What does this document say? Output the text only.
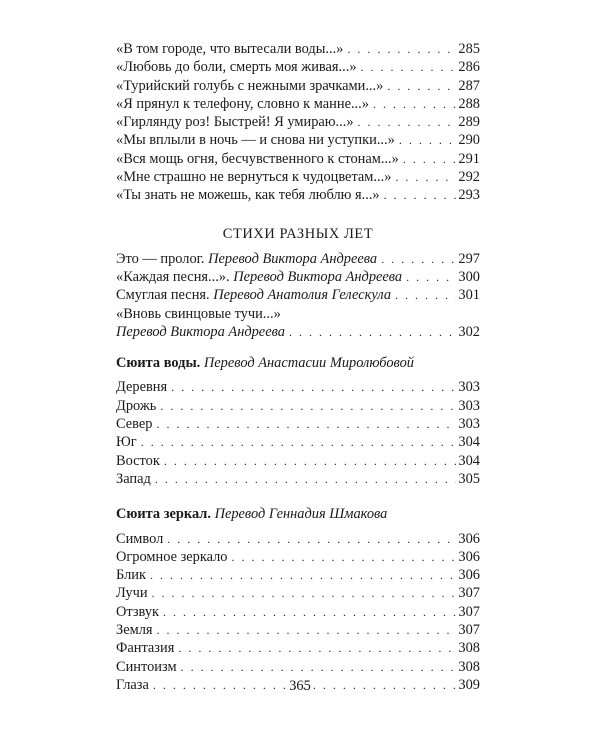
«В том городе, что вытесали воды...» . . .	285
«Любовь до боли, смерть моя живая...» . . .	286
«Турийский голубь с нежными зрачками...» . . .	287
«Я прянул к телефону, словно к манне...» . . .	288
«Гирлянду роз! Быстрей! Я умираю...» . . .	289
«Мы вплыли в ночь — и снова ни уступки...» . . .	290
«Вся мощь огня, бесчувственного к стонам...» . . .	291
«Мне страшно не вернуться к чудоцветам...» . . .	292
«Ты знать не можешь, как тебя люблю я...» . . .	293
СТИХИ РАЗНЫХ ЛЕТ
Это — пролог. Перевод Виктора Андреева . . .	297
«Каждая песня...». Перевод Виктора Андреева . . .	300
Смуглая песня. Перевод Анатолия Гелескула . . .	301
«Вновь свинцовые тучи...»
Перевод Виктора Андреева . . .	302
Сюита воды. Перевод Анастасии Миролюбовой
Деревня . . .	303
Дрожь . . .	303
Север . . .	303
Юг . . .	304
Восток . . .	304
Запад . . .	305
Сюита зеркал. Перевод Геннадия Шмакова
Символ . . .	306
Огромное зеркало . . .	306
Блик . . .	306
Лучи . . .	307
Отзвук . . .	307
Земля . . .	307
Фантазия . . .	308
Синтоизм . . .	308
Глаза . . .	309
365
